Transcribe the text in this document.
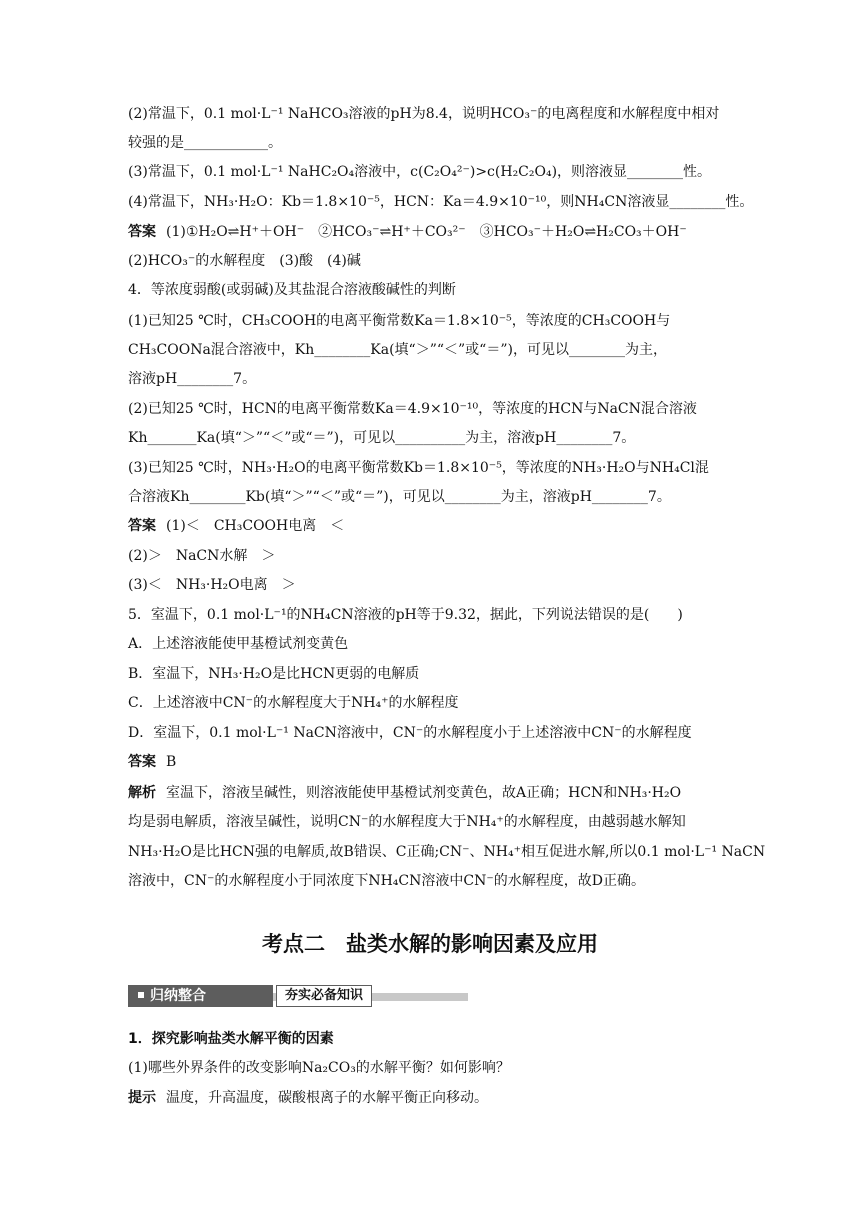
(2)常温下，0.1 mol·L⁻¹ NaHCO₃溶液的pH为8.4，说明HCO₃⁻的电离程度和水解程度中相对
较强的是____________。
(3)常温下，0.1 mol·L⁻¹ NaHC₂O₄溶液中，c(C₂O₄²⁻)>c(H₂C₂O₄)，则溶液显________性。
(4)常温下，NH₃·H₂O：Kb＝1.8×10⁻⁵，HCN：Ka＝4.9×10⁻¹⁰，则NH₄CN溶液显________性。
答案 (1)①H₂O⇌H⁺＋OH⁻　②HCO₃⁻⇌H⁺＋CO₃²⁻　③HCO₃⁻＋H₂O⇌H₂CO₃＋OH⁻
(2)HCO₃⁻的水解程度　(3)酸　(4)碱
4．等浓度弱酸(或弱碱)及其盐混合溶液酸碱性的判断
(1)已知25 ℃时，CH₃COOH的电离平衡常数Ka＝1.8×10⁻⁵，等浓度的CH₃COOH与
CH₃COONa混合溶液中，Kh________Ka(填“＞”“＜”或“＝”)，可见以________为主，
溶液pH________7。
(2)已知25 ℃时，HCN的电离平衡常数Ka＝4.9×10⁻¹⁰，等浓度的HCN与NaCN混合溶液
Kh_______Ka(填“＞”“＜”或“＝”)，可见以__________为主，溶液pH________7。
(3)已知25 ℃时，NH₃·H₂O的电离平衡常数Kb＝1.8×10⁻⁵，等浓度的NH₃·H₂O与NH₄Cl混
合溶液Kh________Kb(填“＞”“＜”或“＝”)，可见以________为主，溶液pH________7。
答案 (1)＜　CH₃COOH电离　＜
(2)＞　NaCN水解　＞
(3)＜　NH₃·H₂O电离　＞
5．室温下，0.1 mol·L⁻¹的NH₄CN溶液的pH等于9.32，据此，下列说法错误的是(　　)
A．上述溶液能使甲基橙试剂变黄色
B．室温下，NH₃·H₂O是比HCN更弱的电解质
C．上述溶液中CN⁻的水解程度大于NH₄⁺的水解程度
D．室温下，0.1 mol·L⁻¹ NaCN溶液中，CN⁻的水解程度小于上述溶液中CN⁻的水解程度
答案 B
解析 室温下，溶液呈碱性，则溶液能使甲基橙试剂变黄色，故A正确；HCN和NH₃·H₂O
均是弱电解质，溶液呈碱性，说明CN⁻的水解程度大于NH₄⁺的水解程度，由越弱越水解知
NH₃·H₂O是比HCN强的电解质,故B错误、C正确;CN⁻、NH₄⁺相互促进水解,所以0.1 mol·L⁻¹ NaCN
溶液中，CN⁻的水解程度小于同浓度下NH₄CN溶液中CN⁻的水解程度，故D正确。
考点二　盐类水解的影响因素及应用
归纳整合	夯实必备知识
1．探究影响盐类水解平衡的因素
(1)哪些外界条件的改变影响Na₂CO₃的水解平衡？如何影响？
提示 温度，升高温度，碳酸根离子的水解平衡正向移动。
